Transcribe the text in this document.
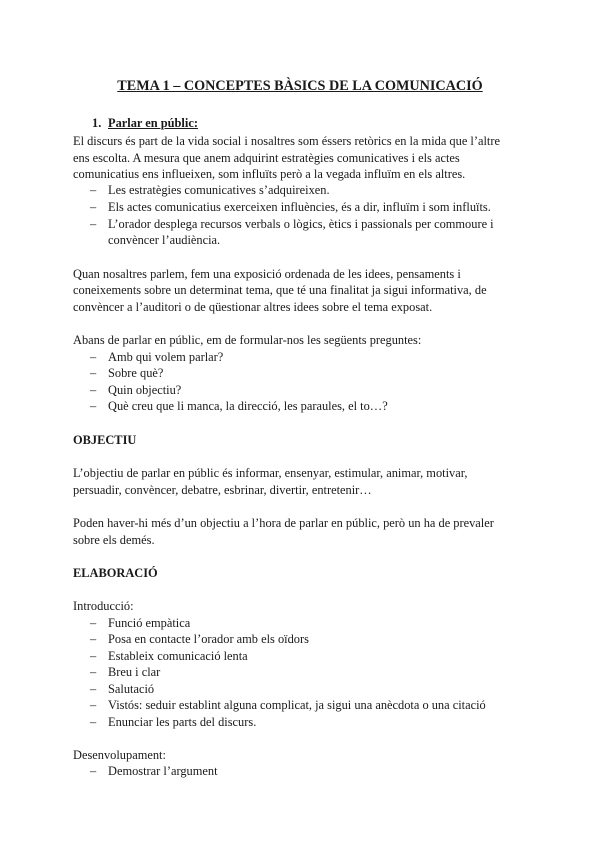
TEMA 1 – CONCEPTES BÀSICS DE LA COMUNICACIÓ
1. Parlar en públic:
El discurs és part de la vida social i nosaltres som éssers retòrics en la mida que l’altre
ens escolta. A mesura que anem adquirint estratègies comunicatives i els actes
comunicatius ens influeixen, som influïts però a la vegada influïm en els altres.
– Les estratègies comunicatives s’adquireixen.
– Els actes comunicatius exerceixen influències, és a dir, influïm i som influïts.
– L’orador desplega recursos verbals o lògics, ètics i passionals per commoure i
convèncer l’audiència.
Quan nosaltres parlem, fem una exposició ordenada de les idees, pensaments i
coneixements sobre un determinat tema, que té una finalitat ja sigui informativa, de
convèncer a l’auditori o de qüestionar altres idees sobre el tema exposat.
Abans de parlar en públic, em de formular-nos les següents preguntes:
– Amb qui volem parlar?
– Sobre què?
– Quin objectiu?
– Què creu que li manca, la direcció, les paraules, el to…?
OBJECTIU
L’objectiu de parlar en públic és informar, ensenyar, estimular, animar, motivar,
persuadir, convèncer, debatre, esbrinar, divertir, entretenir…
Poden haver-hi més d’un objectiu a l’hora de parlar en públic, però un ha de prevaler
sobre els demés.
ELABORACIÓ
Introducció:
– Funció empàtica
– Posa en contacte l’orador amb els oïdors
– Estableix comunicació lenta
– Breu i clar
– Salutació
– Vistós: seduir establint alguna complicat, ja sigui una anècdota o una citació
– Enunciar les parts del discurs.
Desenvolupament:
– Demostrar l’argument
